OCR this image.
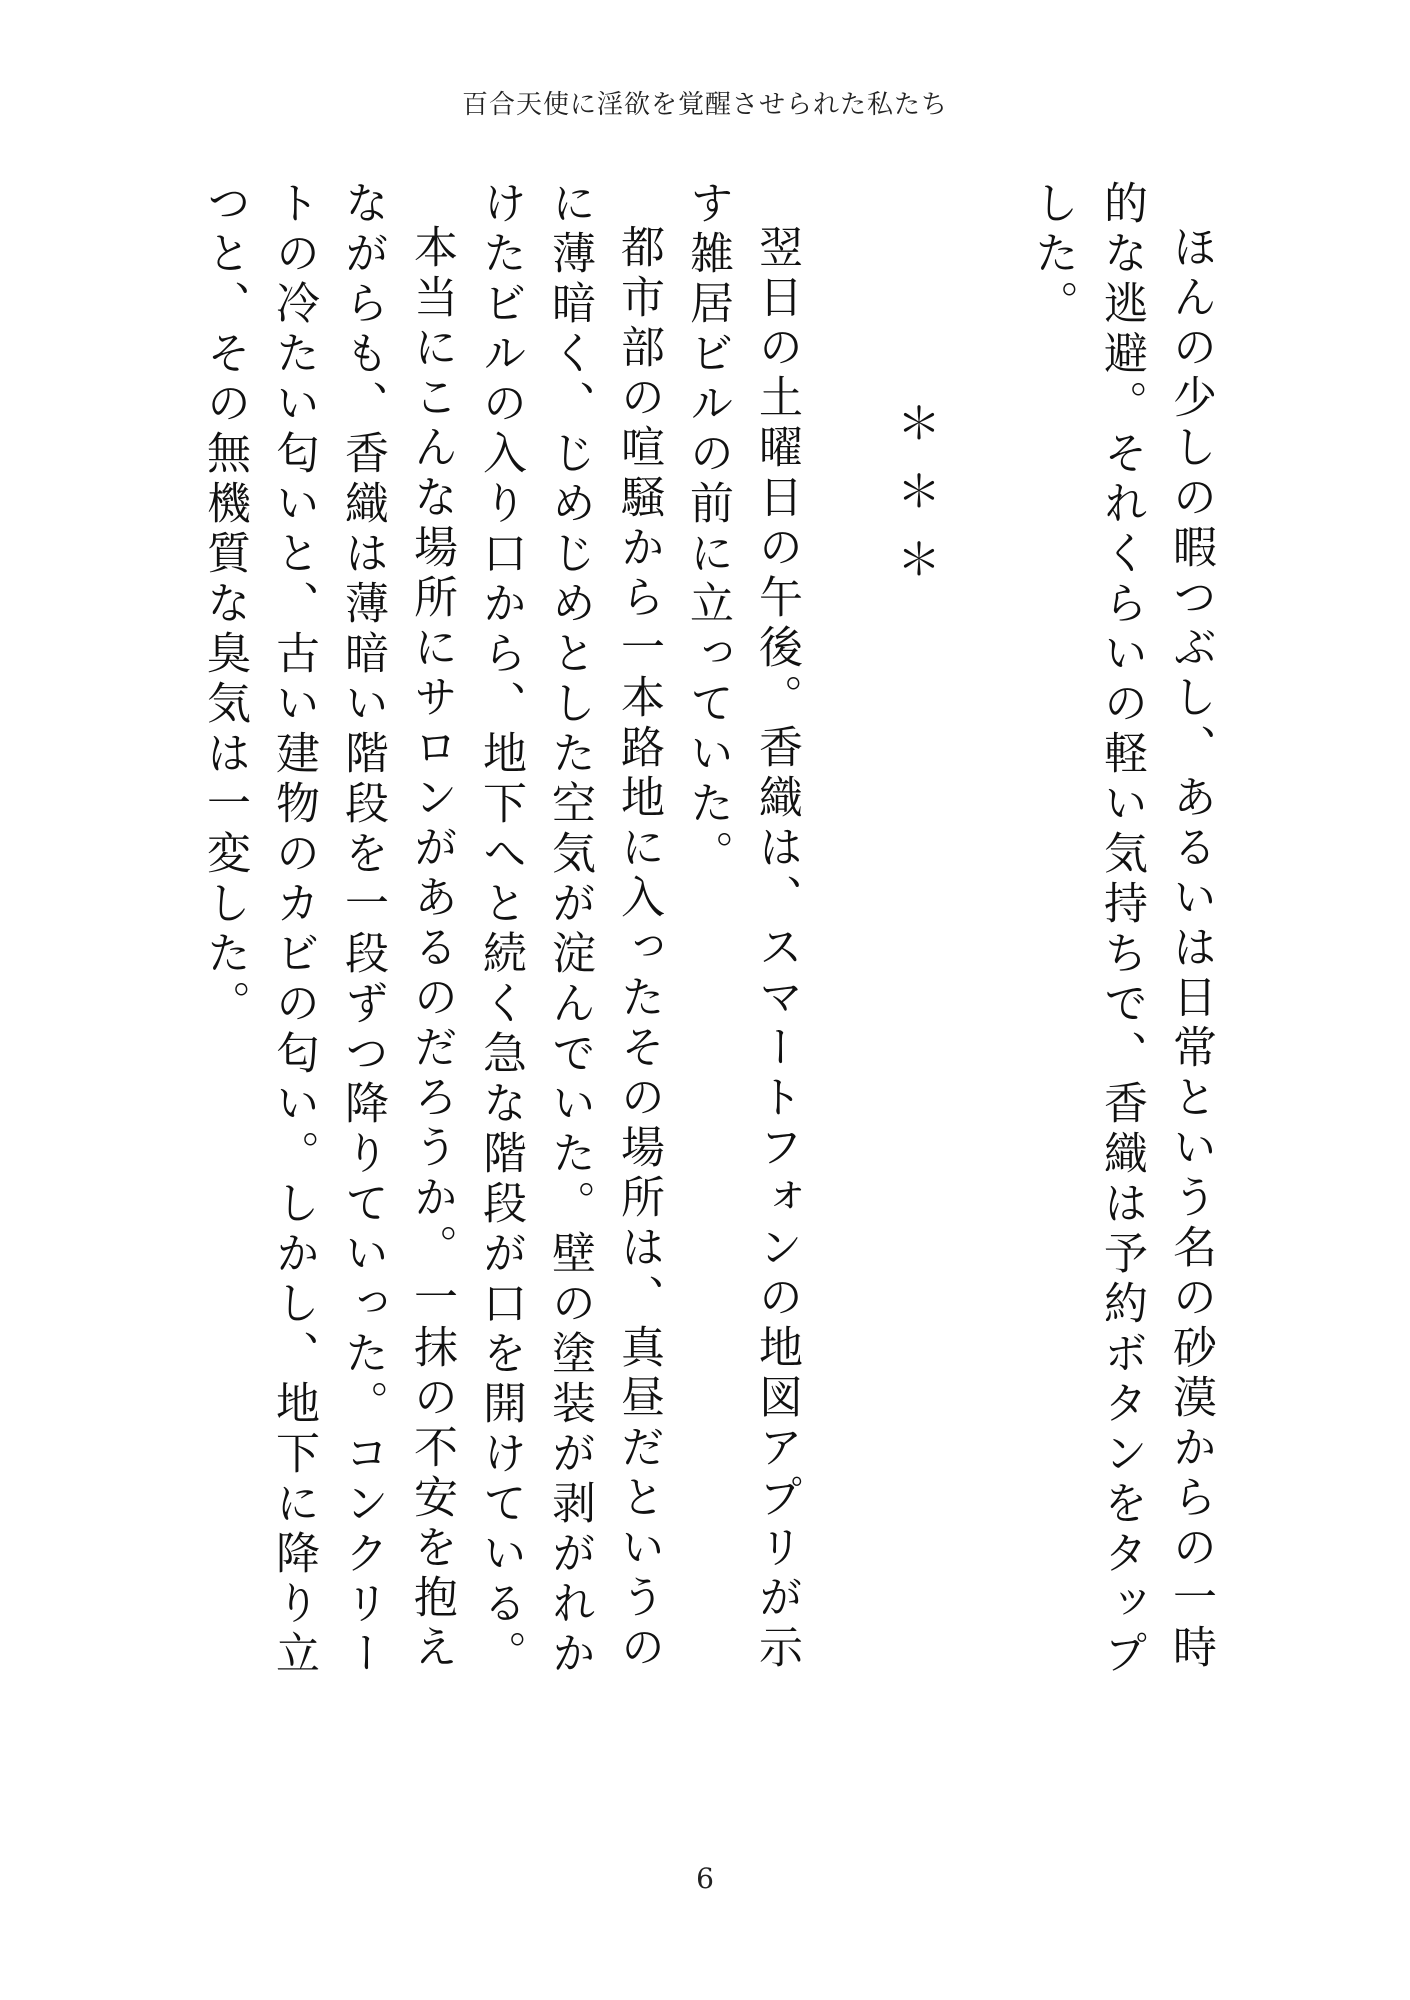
百合天使に淫欲を覚醒させられた私たち

ほんの少しの暇つぶし、あるいは日常という名の砂漠からの一時的な逃避。それくらいの軽い気持ちで、香織は予約ボタンをタップした。

＊＊＊

翌日の土曜日の午後。香織は、スマートフォンの地図アプリが示す雑居ビルの前に立っていた。

都市部の喧騒から一本路地に入ったその場所は、真昼だというのに薄暗く、じめじめとした空気が淀んでいた。壁の塗装が剥がれかけたビルの入り口から、地下へと続く急な階段が口を開けている。

本当にこんな場所にサロンがあるのだろうか。一抹の不安を抱えながらも、香織は薄暗い階段を一段ずつ降りていった。コンクリートの冷たい匂いと、古い建物のカビの匂い。しかし、地下に降り立つと、その無機質な臭気は一変した。

6
